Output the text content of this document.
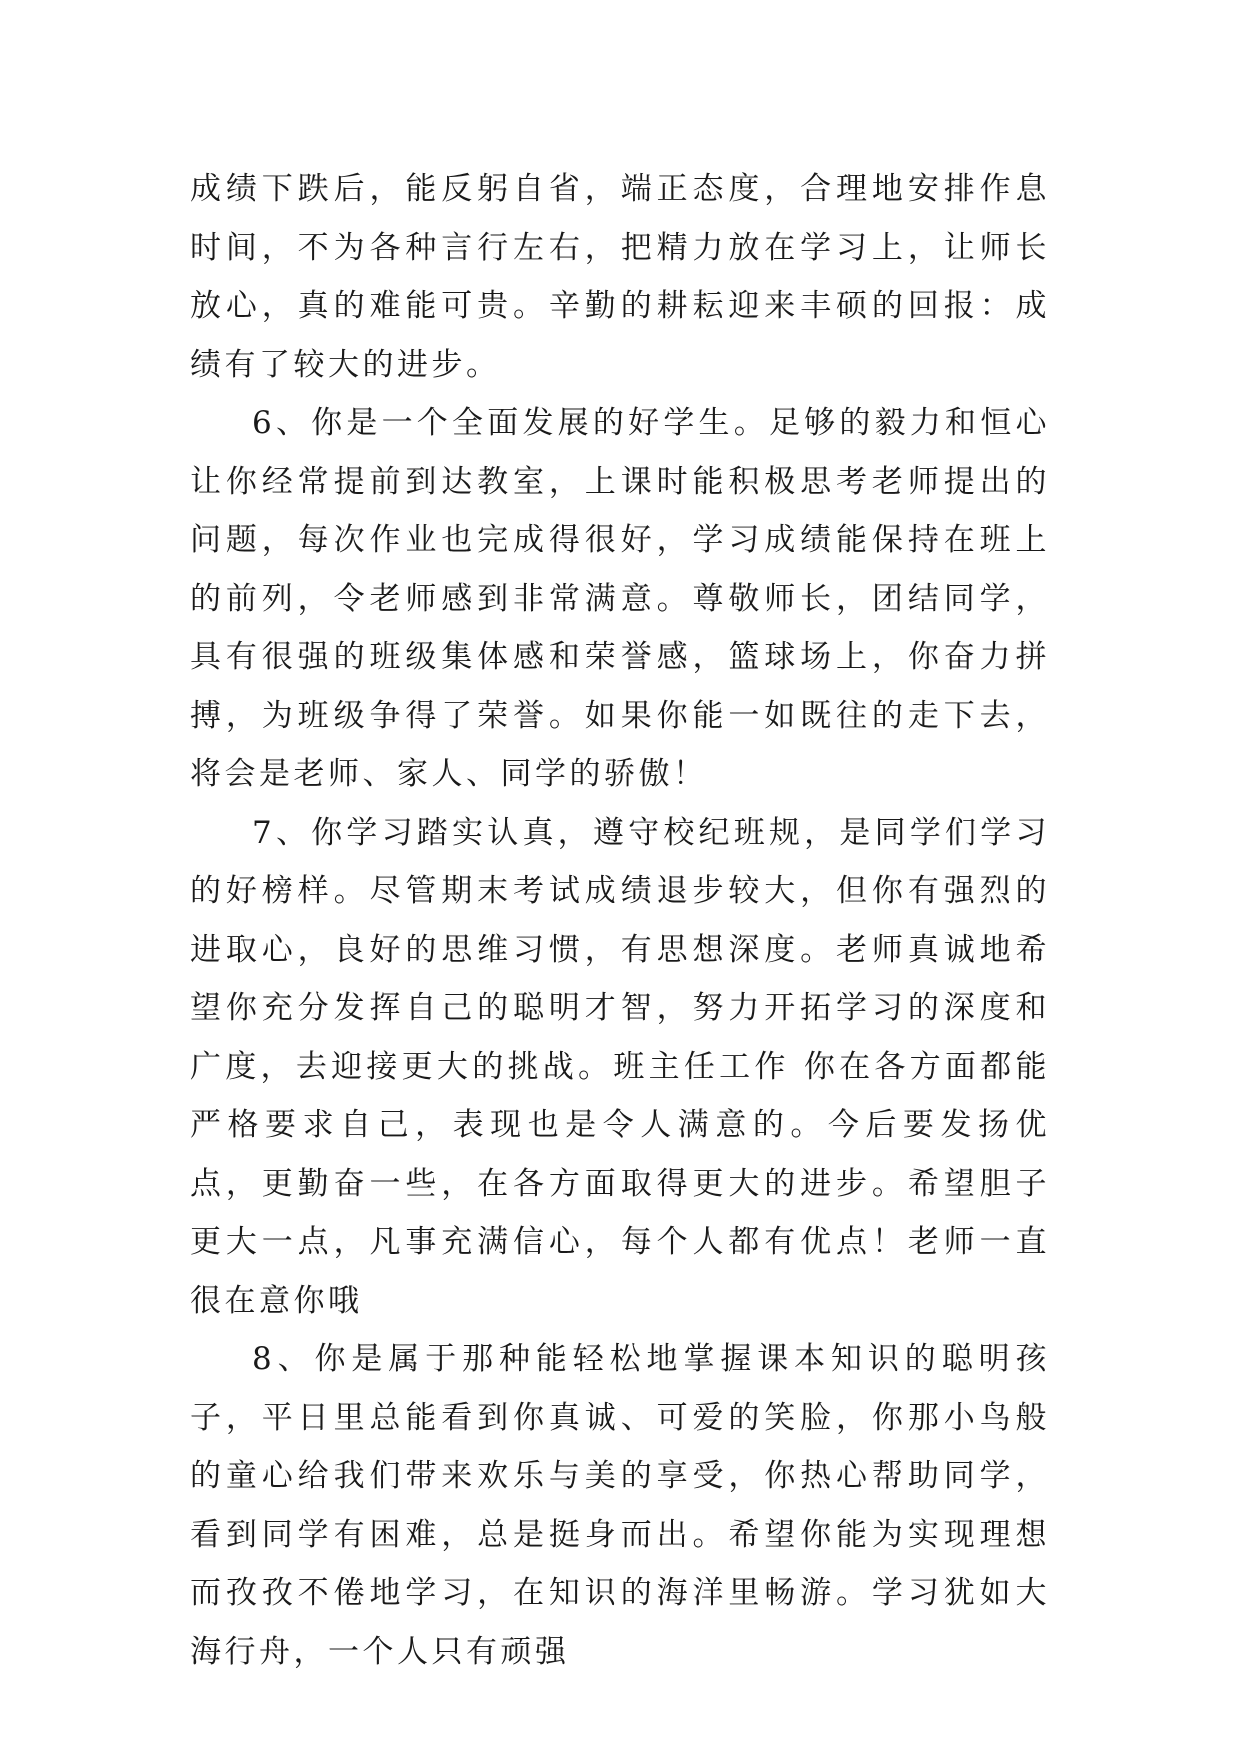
成绩下跌后，能反躬自省，端正态度，合理地安排作息时间，不为各种言行左右，把精力放在学习上，让师长放心，真的难能可贵。辛勤的耕耘迎来丰硕的回报：成绩有了较大的进步。

6、你是一个全面发展的好学生。足够的毅力和恒心让你经常提前到达教室，上课时能积极思考老师提出的问题，每次作业也完成得很好，学习成绩能保持在班上的前列，令老师感到非常满意。尊敬师长，团结同学，具有很强的班级集体感和荣誉感，篮球场上，你奋力拼搏，为班级争得了荣誉。如果你能一如既往的走下去，将会是老师、家人、同学的骄傲！

7、你学习踏实认真，遵守校纪班规，是同学们学习的好榜样。尽管期末考试成绩退步较大，但你有强烈的进取心，良好的思维习惯，有思想深度。老师真诚地希望你充分发挥自己的聪明才智，努力开拓学习的深度和广度，去迎接更大的挑战。班主任工作 你在各方面都能严格要求自己，表现也是令人满意的。今后要发扬优点，更勤奋一些，在各方面取得更大的进步。希望胆子更大一点，凡事充满信心，每个人都有优点！老师一直很在意你哦

8、你是属于那种能轻松地掌握课本知识的聪明孩子，平日里总能看到你真诚、可爱的笑脸，你那小鸟般的童心给我们带来欢乐与美的享受，你热心帮助同学，看到同学有困难，总是挺身而出。希望你能为实现理想而孜孜不倦地学习，在知识的海洋里畅游。学习犹如大海行舟，一个人只有顽强
